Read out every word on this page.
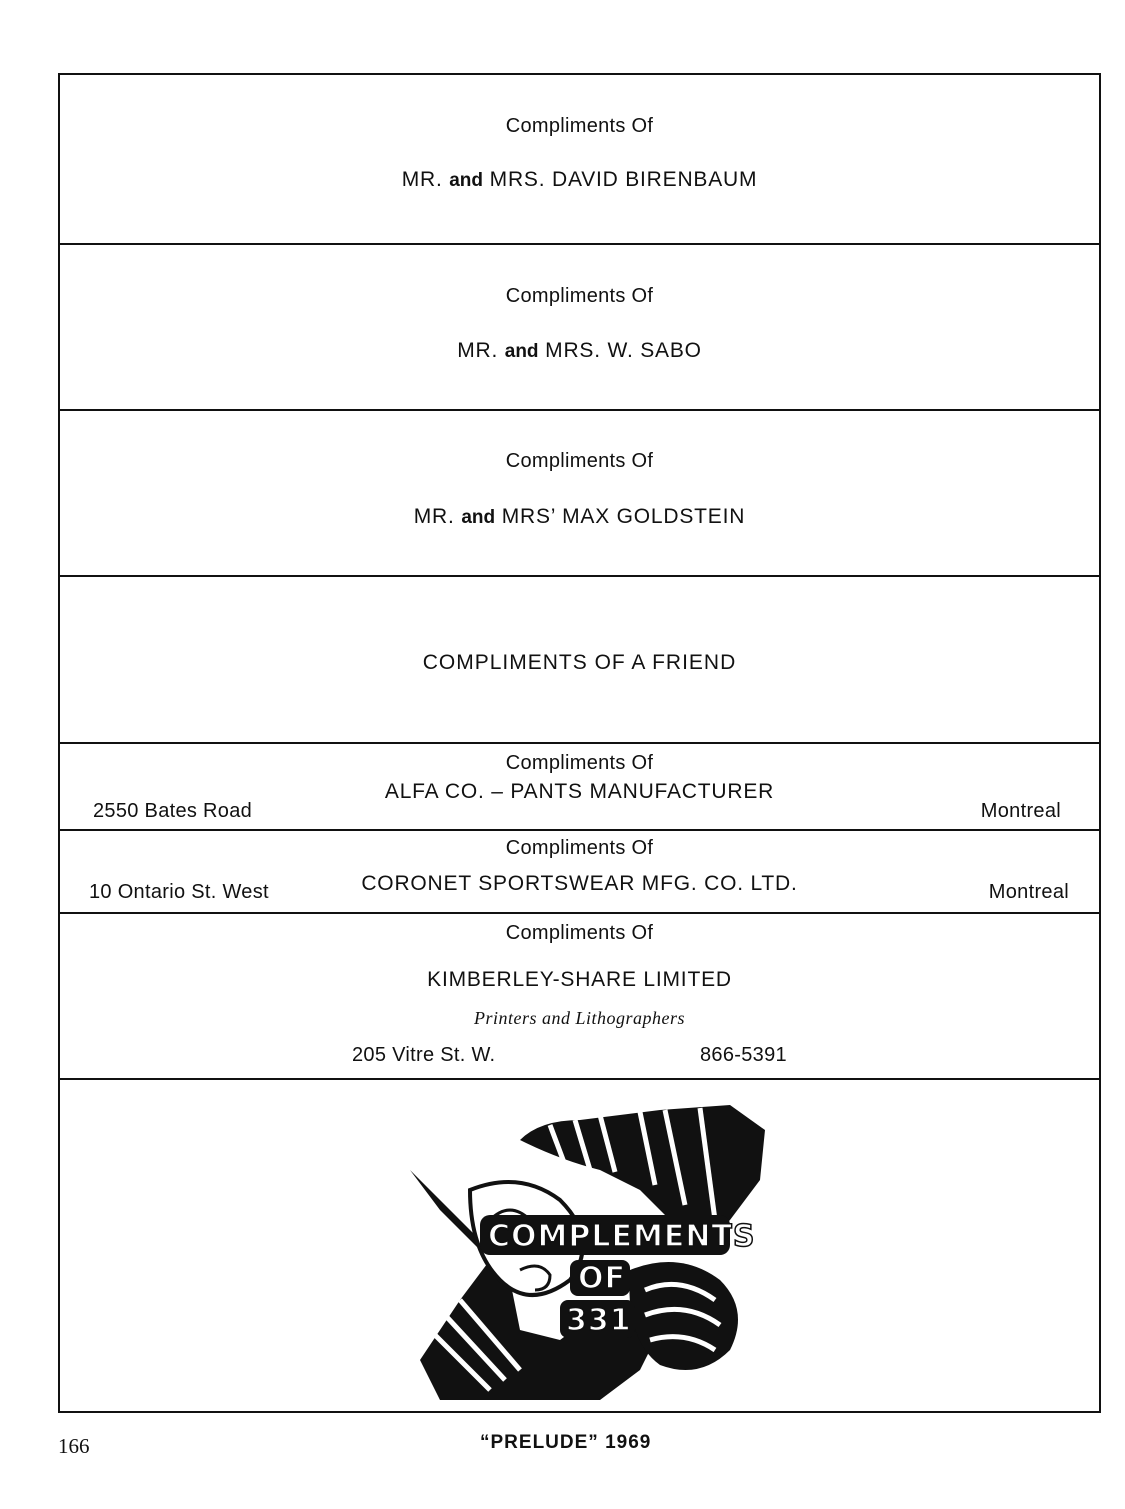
Compliments Of
MR. and MRS. DAVID BIRENBAUM
Compliments Of
MR. and MRS. W. SABO
Compliments Of
MR. and MRS’ MAX GOLDSTEIN
COMPLIMENTS OF A FRIEND
Compliments Of
ALFA CO. – PANTS MANUFACTURER
2550 Bates Road	Montreal
Compliments Of
CORONET SPORTSWEAR MFG. CO. LTD.
10 Ontario St. West	Montreal
Compliments Of
KIMBERLEY-SHARE LIMITED
Printers and Lithographers
205 Vitre St. W.	866-5391
COMPLEMENTS
OF
331
166	“PRELUDE” 1969
